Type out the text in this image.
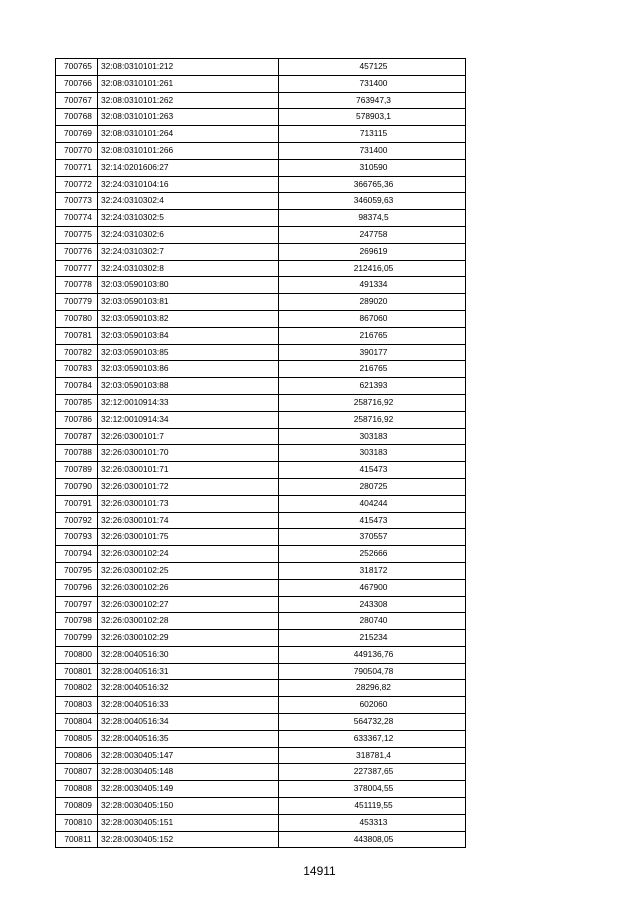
700765	32:08:0310101:212	457125
700766	32:08:0310101:261	731400
700767	32:08:0310101:262	763947,3
700768	32:08:0310101:263	578903,1
700769	32:08:0310101:264	713115
700770	32:08:0310101:266	731400
700771	32:14:0201606:27	310590
700772	32:24:0310104:16	366765,36
700773	32:24:0310302:4	346059,63
700774	32:24:0310302:5	98374,5
700775	32:24:0310302:6	247758
700776	32:24:0310302:7	269619
700777	32:24:0310302:8	212416,05
700778	32:03:0590103:80	491334
700779	32:03:0590103:81	289020
700780	32:03:0590103:82	867060
700781	32:03:0590103:84	216765
700782	32:03:0590103:85	390177
700783	32:03:0590103:86	216765
700784	32:03:0590103:88	621393
700785	32:12:0010914:33	258716,92
700786	32:12:0010914:34	258716,92
700787	32:26:0300101:7	303183
700788	32:26:0300101:70	303183
700789	32:26:0300101:71	415473
700790	32:26:0300101:72	280725
700791	32:26:0300101:73	404244
700792	32:26:0300101:74	415473
700793	32:26:0300101:75	370557
700794	32:26:0300102:24	252666
700795	32:26:0300102:25	318172
700796	32:26:0300102:26	467900
700797	32:26:0300102:27	243308
700798	32:26:0300102:28	280740
700799	32:26:0300102:29	215234
700800	32:28:0040516:30	449136,76
700801	32:28:0040516:31	790504,78
700802	32:28:0040516:32	28296,82
700803	32:28:0040516:33	602060
700804	32:28:0040516:34	564732,28
700805	32:28:0040516:35	633367,12
700806	32:28:0030405:147	318781,4
700807	32:28:0030405:148	227387,65
700808	32:28:0030405:149	378004,55
700809	32:28:0030405:150	451119,55
700810	32:28:0030405:151	453313
700811	32:28:0030405:152	443808,05
14911
